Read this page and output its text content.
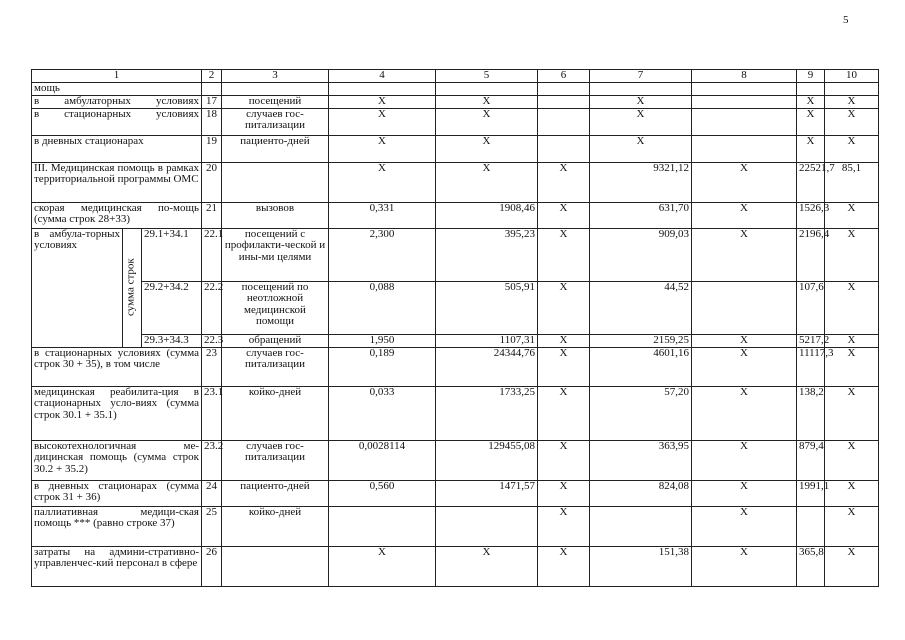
5
1			2	3	4	5	6	7	8	9	10
мощь											
в амбулаторных условиях			17	посещений	Х	Х		Х		Х	Х
в стационарных условиях			18	случаев гос-питализации	Х	Х		Х		Х	Х
в дневных стационарах			19	пациенто-дней	Х	Х		Х		Х	Х
III. Медицинская помощь в рамках территориальной программы ОМС			20		Х	Х	Х	9321,12	Х	22521,7	85,1
скорая медицинская по-мощь (сумма строк 28+33)			21	вызовов	0,331	1908,46	Х	631,70	Х	1526,3	Х
в амбула-торных условиях	сумма строк	29.1+34.1	22.1	посещений с профилакти-ческой и ины-ми целями	2,300	395,23	Х	909,03	Х	2196,4	Х
		29.2+34.2	22.2	посещений по неотложной медицинской помощи	0,088	505,91	Х	44,52		107,6	Х
		29.3+34.3	22.3	обращений	1,950	1107,31	Х	2159,25	Х	5217,2	Х
в стационарных условиях (сумма строк 30 + 35), в том числе			23	случаев гос-питализации	0,189	24344,76	Х	4601,16	Х	11117,3	Х
медицинская реабилита-ция в стационарных усло-виях (сумма строк 30.1 + 35.1)			23.1	койко-дней	0,033	1733,25	Х	57,20	Х	138,2	Х
высокотехнологичная ме-дицинская помощь (сумма строк 30.2 + 35.2)			23.2	случаев гос-питализации	0,0028114	129455,08	Х	363,95	Х	879,4	Х
в дневных стационарах (сумма строк 31 + 36)			24	пациенто-дней	0,560	1471,57	Х	824,08	Х	1991,1	Х
паллиативная медици-ская помощь *** (равно строке 37)			25	койко-дней			Х		Х		Х
затраты на админи-стративно-управленчес-кий персонал в сфере			26		Х	Х	Х	151,38	Х	365,8	Х
